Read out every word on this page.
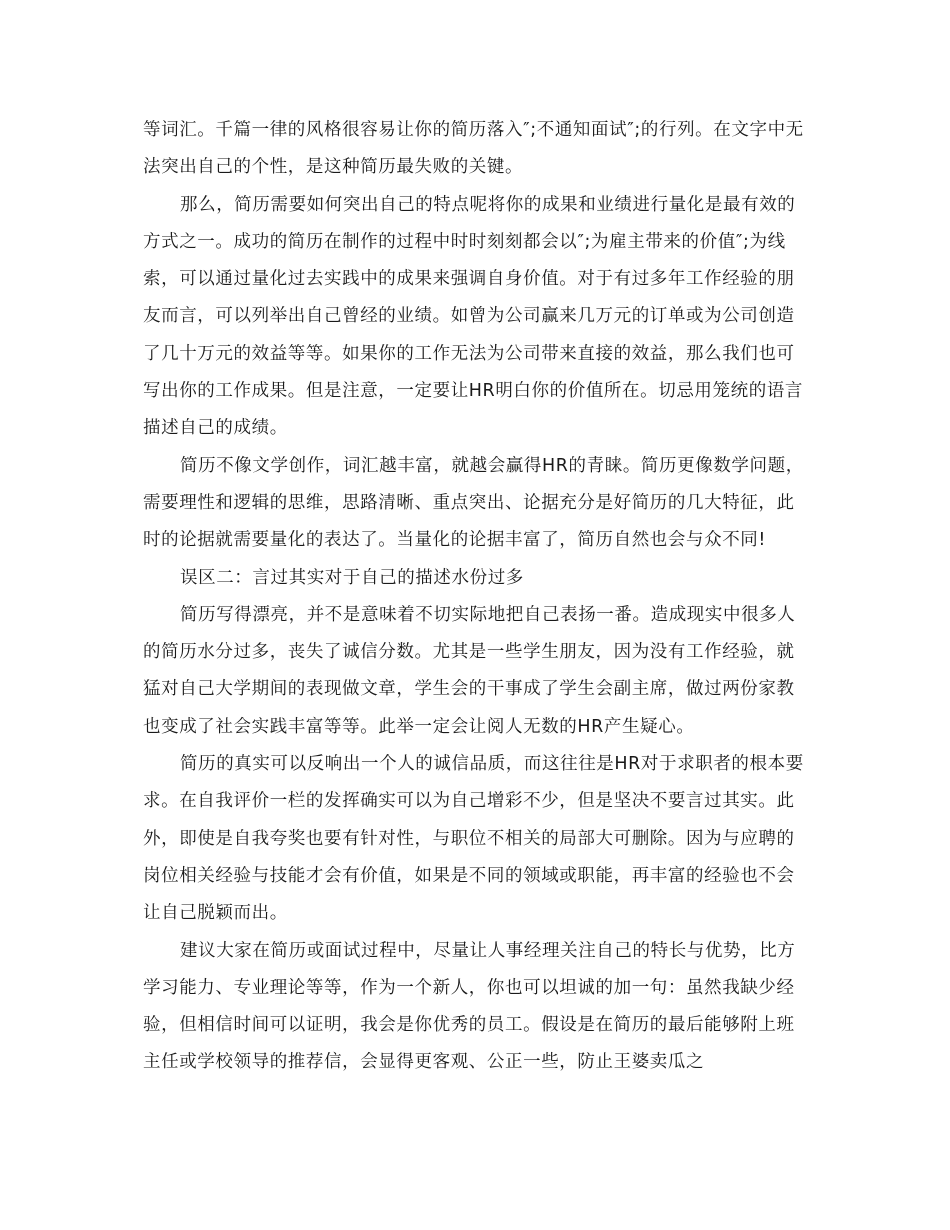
等词汇。千篇一律的风格很容易让你的简历落入″;不通知面试″;的行列。在文字中无法突出自己的个性，是这种简历最失败的关键。

那么，简历需要如何突出自己的特点呢将你的成果和业绩进行量化是最有效的方式之一。成功的简历在制作的过程中时时刻刻都会以″;为雇主带来的价值″;为线索，可以通过量化过去实践中的成果来强调自身价值。对于有过多年工作经验的朋友而言，可以列举出自己曾经的业绩。如曾为公司赢来几万元的订单或为公司创造了几十万元的效益等等。如果你的工作无法为公司带来直接的效益，那么我们也可写出你的工作成果。但是注意，一定要让HR明白你的价值所在。切忌用笼统的语言描述自己的成绩。

简历不像文学创作，词汇越丰富，就越会赢得HR的青睐。简历更像数学问题，需要理性和逻辑的思维，思路清晰、重点突出、论据充分是好简历的几大特征，此时的论据就需要量化的表达了。当量化的论据丰富了，简历自然也会与众不同!

误区二：言过其实对于自己的描述水份过多

简历写得漂亮，并不是意味着不切实际地把自己表扬一番。造成现实中很多人的简历水分过多，丧失了诚信分数。尤其是一些学生朋友，因为没有工作经验，就猛对自己大学期间的表现做文章，学生会的干事成了学生会副主席，做过两份家教也变成了社会实践丰富等等。此举一定会让阅人无数的HR产生疑心。

简历的真实可以反响出一个人的诚信品质，而这往往是HR对于求职者的根本要求。在自我评价一栏的发挥确实可以为自己增彩不少，但是坚决不要言过其实。此外，即使是自我夸奖也要有针对性，与职位不相关的局部大可删除。因为与应聘的岗位相关经验与技能才会有价值，如果是不同的领域或职能，再丰富的经验也不会让自己脱颖而出。

建议大家在简历或面试过程中，尽量让人事经理关注自己的特长与优势，比方学习能力、专业理论等等，作为一个新人，你也可以坦诚的加一句：虽然我缺少经验，但相信时间可以证明，我会是你优秀的员工。假设是在简历的最后能够附上班主任或学校领导的推荐信，会显得更客观、公正一些，防止王婆卖瓜之
